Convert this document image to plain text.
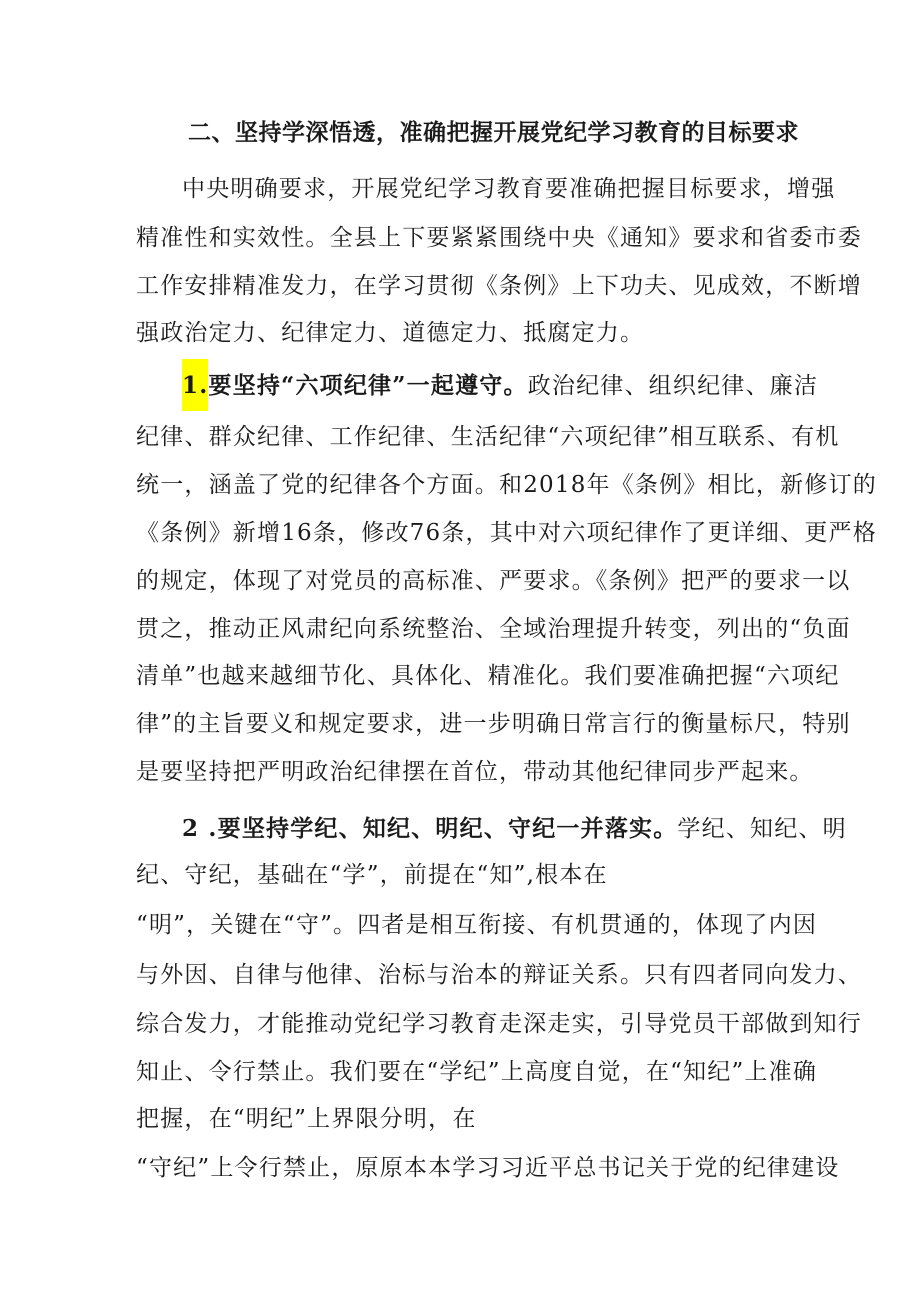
二、坚持学深悟透，准确把握开展党纪学习教育的目标要求
中央明确要求，开展党纪学习教育要准确把握目标要求，增强
精准性和实效性。全县上下要紧紧围绕中央《通知》要求和省委市委
工作安排精准发力，在学习贯彻《条例》上下功夫、见成效，不断增
强政治定力、纪律定力、道德定力、抵腐定力。
1.要坚持“六项纪律”一起遵守。政治纪律、组织纪律、廉洁
纪律、群众纪律、工作纪律、生活纪律“六项纪律”相互联系、有机
统一，涵盖了党的纪律各个方面。和2018年《条例》相比，新修订的
《条例》新增16条，修改76条，其中对六项纪律作了更详细、更严格
的规定，体现了对党员的高标准、严要求。《条例》把严的要求一以
贯之，推动正风肃纪向系统整治、全域治理提升转变，列出的“负面
清单”也越来越细节化、具体化、精准化。我们要准确把握“六项纪
律”的主旨要义和规定要求，进一步明确日常言行的衡量标尺，特别
是要坚持把严明政治纪律摆在首位，带动其他纪律同步严起来。
2 .要坚持学纪、知纪、明纪、守纪一并落实。学纪、知纪、明
纪、守纪，基础在“学”，前提在“知”,根本在
“明”，关键在“守”。四者是相互衔接、有机贯通的，体现了内因
与外因、自律与他律、治标与治本的辩证关系。只有四者同向发力、
综合发力，才能推动党纪学习教育走深走实，引导党员干部做到知行
知止、令行禁止。我们要在“学纪”上高度自觉，在“知纪”上准确
把握，在“明纪”上界限分明，在
“守纪”上令行禁止，原原本本学习习近平总书记关于党的纪律建设
